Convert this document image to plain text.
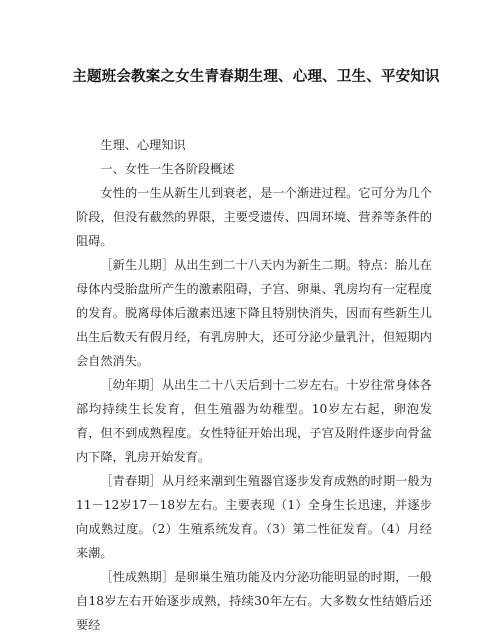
主题班会教案之女生青春期生理、心理、卫生、平安知识

生理、心理知识

一、女性一生各阶段概述

女性的一生从新生儿到衰老，是一个渐进过程。它可分为几个阶段，但没有截然的界限，主要受遗传、四周环境、营养等条件的阻碍。

［新生儿期］从出生到二十八天内为新生二期。特点：胎儿在母体内受胎盘所产生的激素阻碍，子宫、卵巢、乳房均有一定程度的发育。脱离母体后激素迅速下降且特别快消失，因而有些新生儿出生后数天有假月经，有乳房肿大，还可分泌少量乳汁，但短期内会自然消失。

［幼年期］从出生二十八天后到十二岁左右。十岁往常身体各部均持续生长发育，但生殖器为幼稚型。10岁左右起，卵泡发育，但不到成熟程度。女性特征开始出现，子宫及附件逐步向骨盆内下降，乳房开始发育。

［青春期］从月经来潮到生殖器官逐步发育成熟的时期一般为11－12岁17－18岁左右。主要表现（1）全身生长迅速，并逐步向成熟过度。（2）生殖系统发育。（3）第二性征发育。（4）月经来潮。

［性成熟期］是卵巢生殖功能及内分泌功能明显的时期，一般自18岁左右开始逐步成熟，持续30年左右。大多数女性结婚后还要经
